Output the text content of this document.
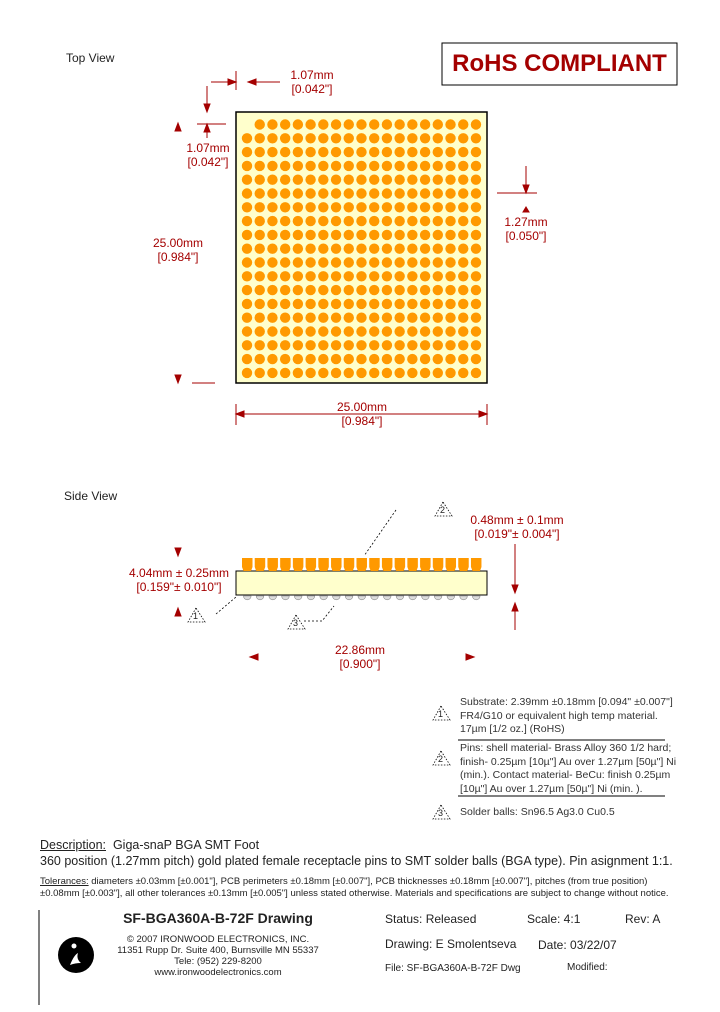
Top View
Side View
RoHS COMPLIANT
1.07mm
[0.042"]
1.07mm
[0.042"]
25.00mm
[0.984"]
25.00mm
[0.984"]
1.27mm
[0.050"]
4.04mm ± 0.25mm
[0.159"± 0.010"]
0.48mm ± 0.1mm
[0.019"± 0.004"]
22.86mm
[0.900"]
1
3
2
1
2
3
Substrate: 2.39mm ±0.18mm [0.094" ±0.007"]
FR4/G10 or equivalent high temp material.
17µm [1/2 oz.] (RoHS)
Pins: shell material- Brass Alloy 360 1/2 hard;
finish- 0.25µm [10µ"] Au over 1.27µm [50µ"] Ni
(min.). Contact material- BeCu: finish 0.25µm
[10µ"] Au over 1.27µm [50µ"] Ni (min. ).
Solder balls: Sn96.5 Ag3.0 Cu0.5
Description: Giga-snaP BGA SMT Foot
360 position (1.27mm pitch) gold plated female receptacle pins to SMT solder balls (BGA type). Pin asignment 1:1.
Tolerances: diameters ±0.03mm [±0.001"], PCB perimeters ±0.18mm [±0.007"], PCB thicknesses ±0.18mm [±0.007"], pitches (from true position)
±0.08mm [±0.003"], all other tolerances ±0.13mm [±0.005"] unless stated otherwise. Materials and specifications are subject to change without notice.
SF-BGA360A-B-72F Drawing
© 2007 IRONWOOD ELECTRONICS, INC.
11351 Rupp Dr. Suite 400, Burnsville MN 55337
Tele: (952) 229-8200
www.ironwoodelectronics.com
Status: Released	Scale: 4:1	Rev: A
Drawing: E Smolentseva Date: 03/22/07
File: SF-BGA360A-B-72F Dwg	Modified:
